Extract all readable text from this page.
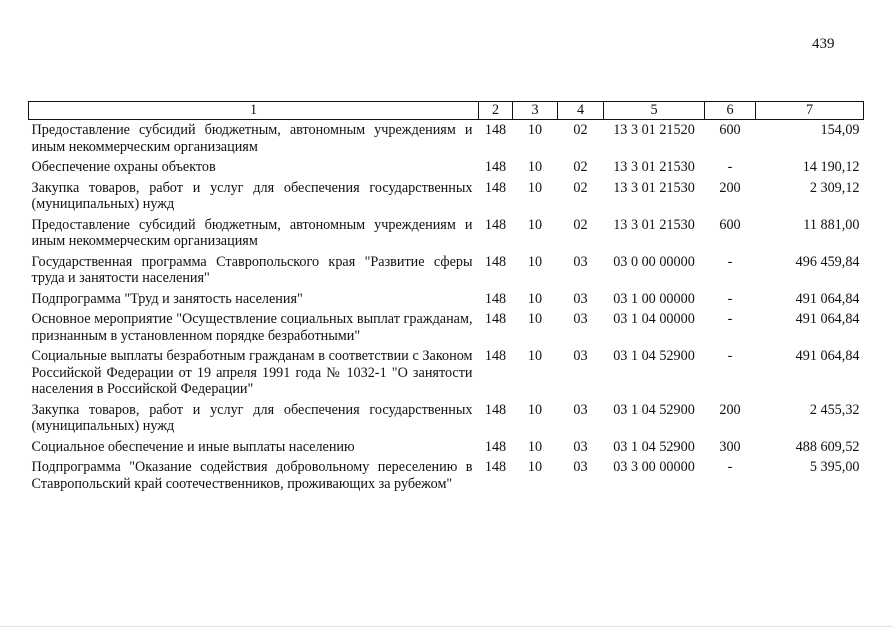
439
1	2	3	4	5	6	7
Предоставление субсидий бюджетным, автономным учреждениям и иным некоммерческим организациям	148	10	02	13 3 01 21520	600	154,09
Обеспечение охраны объектов	148	10	02	13 3 01 21530	-	14 190,12
Закупка товаров, работ и услуг для обеспечения государственных (муниципальных) нужд	148	10	02	13 3 01 21530	200	2 309,12
Предоставление субсидий бюджетным, автономным учреждениям и иным некоммерческим организациям	148	10	02	13 3 01 21530	600	11 881,00
Государственная программа Ставропольского края "Развитие сферы труда и занятости населения"	148	10	03	03 0 00 00000	-	496 459,84
Подпрограмма "Труд и занятость населения"	148	10	03	03 1 00 00000	-	491 064,84
Основное мероприятие "Осуществление социальных выплат гражданам, признанным в установленном порядке безработными"	148	10	03	03 1 04 00000	-	491 064,84
Социальные выплаты безработным гражданам в соответствии с Законом Российской Федерации от 19 апреля 1991 года № 1032-1 "О занятости населения в Российской Федерации"	148	10	03	03 1 04 52900	-	491 064,84
Закупка товаров, работ и услуг для обеспечения государственных (муниципальных) нужд	148	10	03	03 1 04 52900	200	2 455,32
Социальное обеспечение и иные выплаты населению	148	10	03	03 1 04 52900	300	488 609,52
Подпрограмма "Оказание содействия добровольному переселению в Ставропольский край соотечественников, проживающих за рубежом"	148	10	03	03 3 00 00000	-	5 395,00
